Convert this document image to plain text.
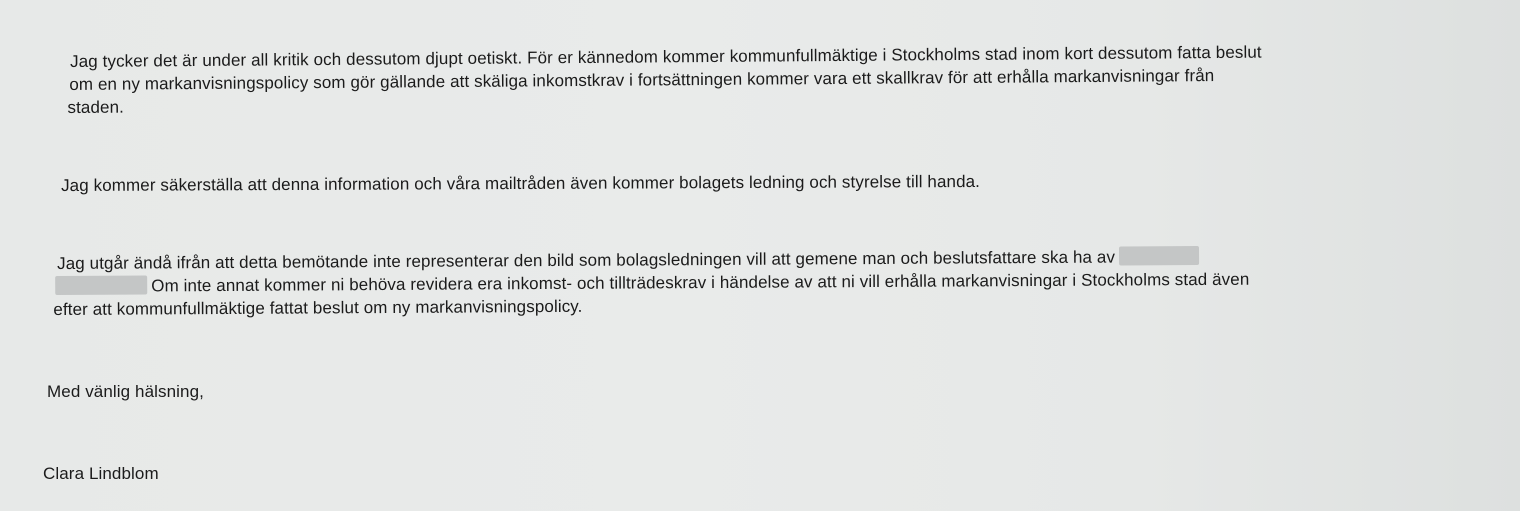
Jag tycker det är under all kritik och dessutom djupt oetiskt. För er kännedom kommer kommunfullmäktige i Stockholms stad inom kort dessutom fatta beslut
om en ny markanvisningspolicy som gör gällande att skäliga inkomstkrav i fortsättningen kommer vara ett skallkrav för att erhålla markanvisningar från
staden.
Jag kommer säkerställa att denna information och våra mailtråden även kommer bolagets ledning och styrelse till handa.
Jag utgår ändå ifrån att detta bemötande inte representerar den bild som bolagsledningen vill att gemene man och beslutsfattare ska ha av
Om inte annat kommer ni behöva revidera era inkomst- och tillträdeskrav i händelse av att ni vill erhålla markanvisningar i Stockholms stad även
efter att kommunfullmäktige fattat beslut om ny markanvisningspolicy.
Med vänlig hälsning,
Clara Lindblom
